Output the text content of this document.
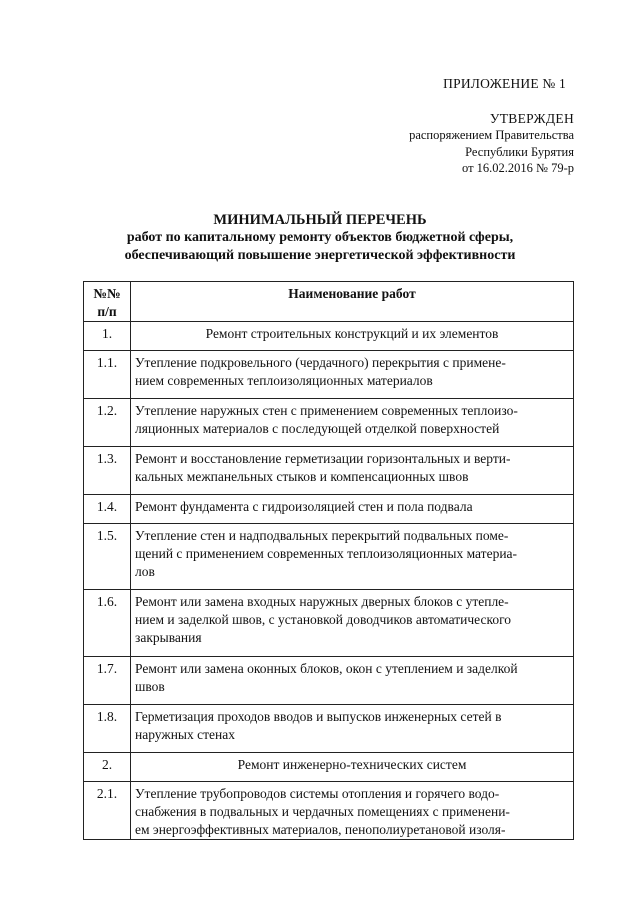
ПРИЛОЖЕНИЕ № 1
УТВЕРЖДЕН
распоряжением Правительства
Республики Бурятия
от 16.02.2016 № 79-р
МИНИМАЛЬНЫЙ ПЕРЕЧЕНЬ
работ по капитальному ремонту объектов бюджетной сферы,
обеспечивающий повышение энергетической эффективности
№№
п/п	Наименование работ
1.	Ремонт строительных конструкций и их элементов

1.1.	Утепление подкровельного (чердачного) перекрытия с примене-
нием современных теплоизоляционных материалов

1.2.	Утепление наружных стен с применением современных теплоизо-
ляционных материалов с последующей отделкой поверхностей

1.3.	Ремонт и восстановление герметизации горизонтальных и верти-
кальных межпанельных стыков и компенсационных швов

1.4.	Ремонт фундамента с гидроизоляцией стен и пола подвала

1.5.	Утепление стен и надподвальных перекрытий подвальных поме-
щений с применением современных теплоизоляционных материа-
лов

1.6.	Ремонт или замена входных наружных дверных блоков с утепле-
нием и заделкой швов, с установкой доводчиков автоматического
закрывания

1.7.	Ремонт или замена оконных блоков, окон с утеплением и заделкой
швов

1.8.	Герметизация проходов вводов и выпусков инженерных сетей в
наружных стенах

2.	Ремонт инженерно-технических систем

2.1.	Утепление трубопроводов системы отопления и горячего водо-
снабжения в подвальных и чердачных помещениях с применени-
ем энергоэффективных материалов, пенополиуретановой изоля-
